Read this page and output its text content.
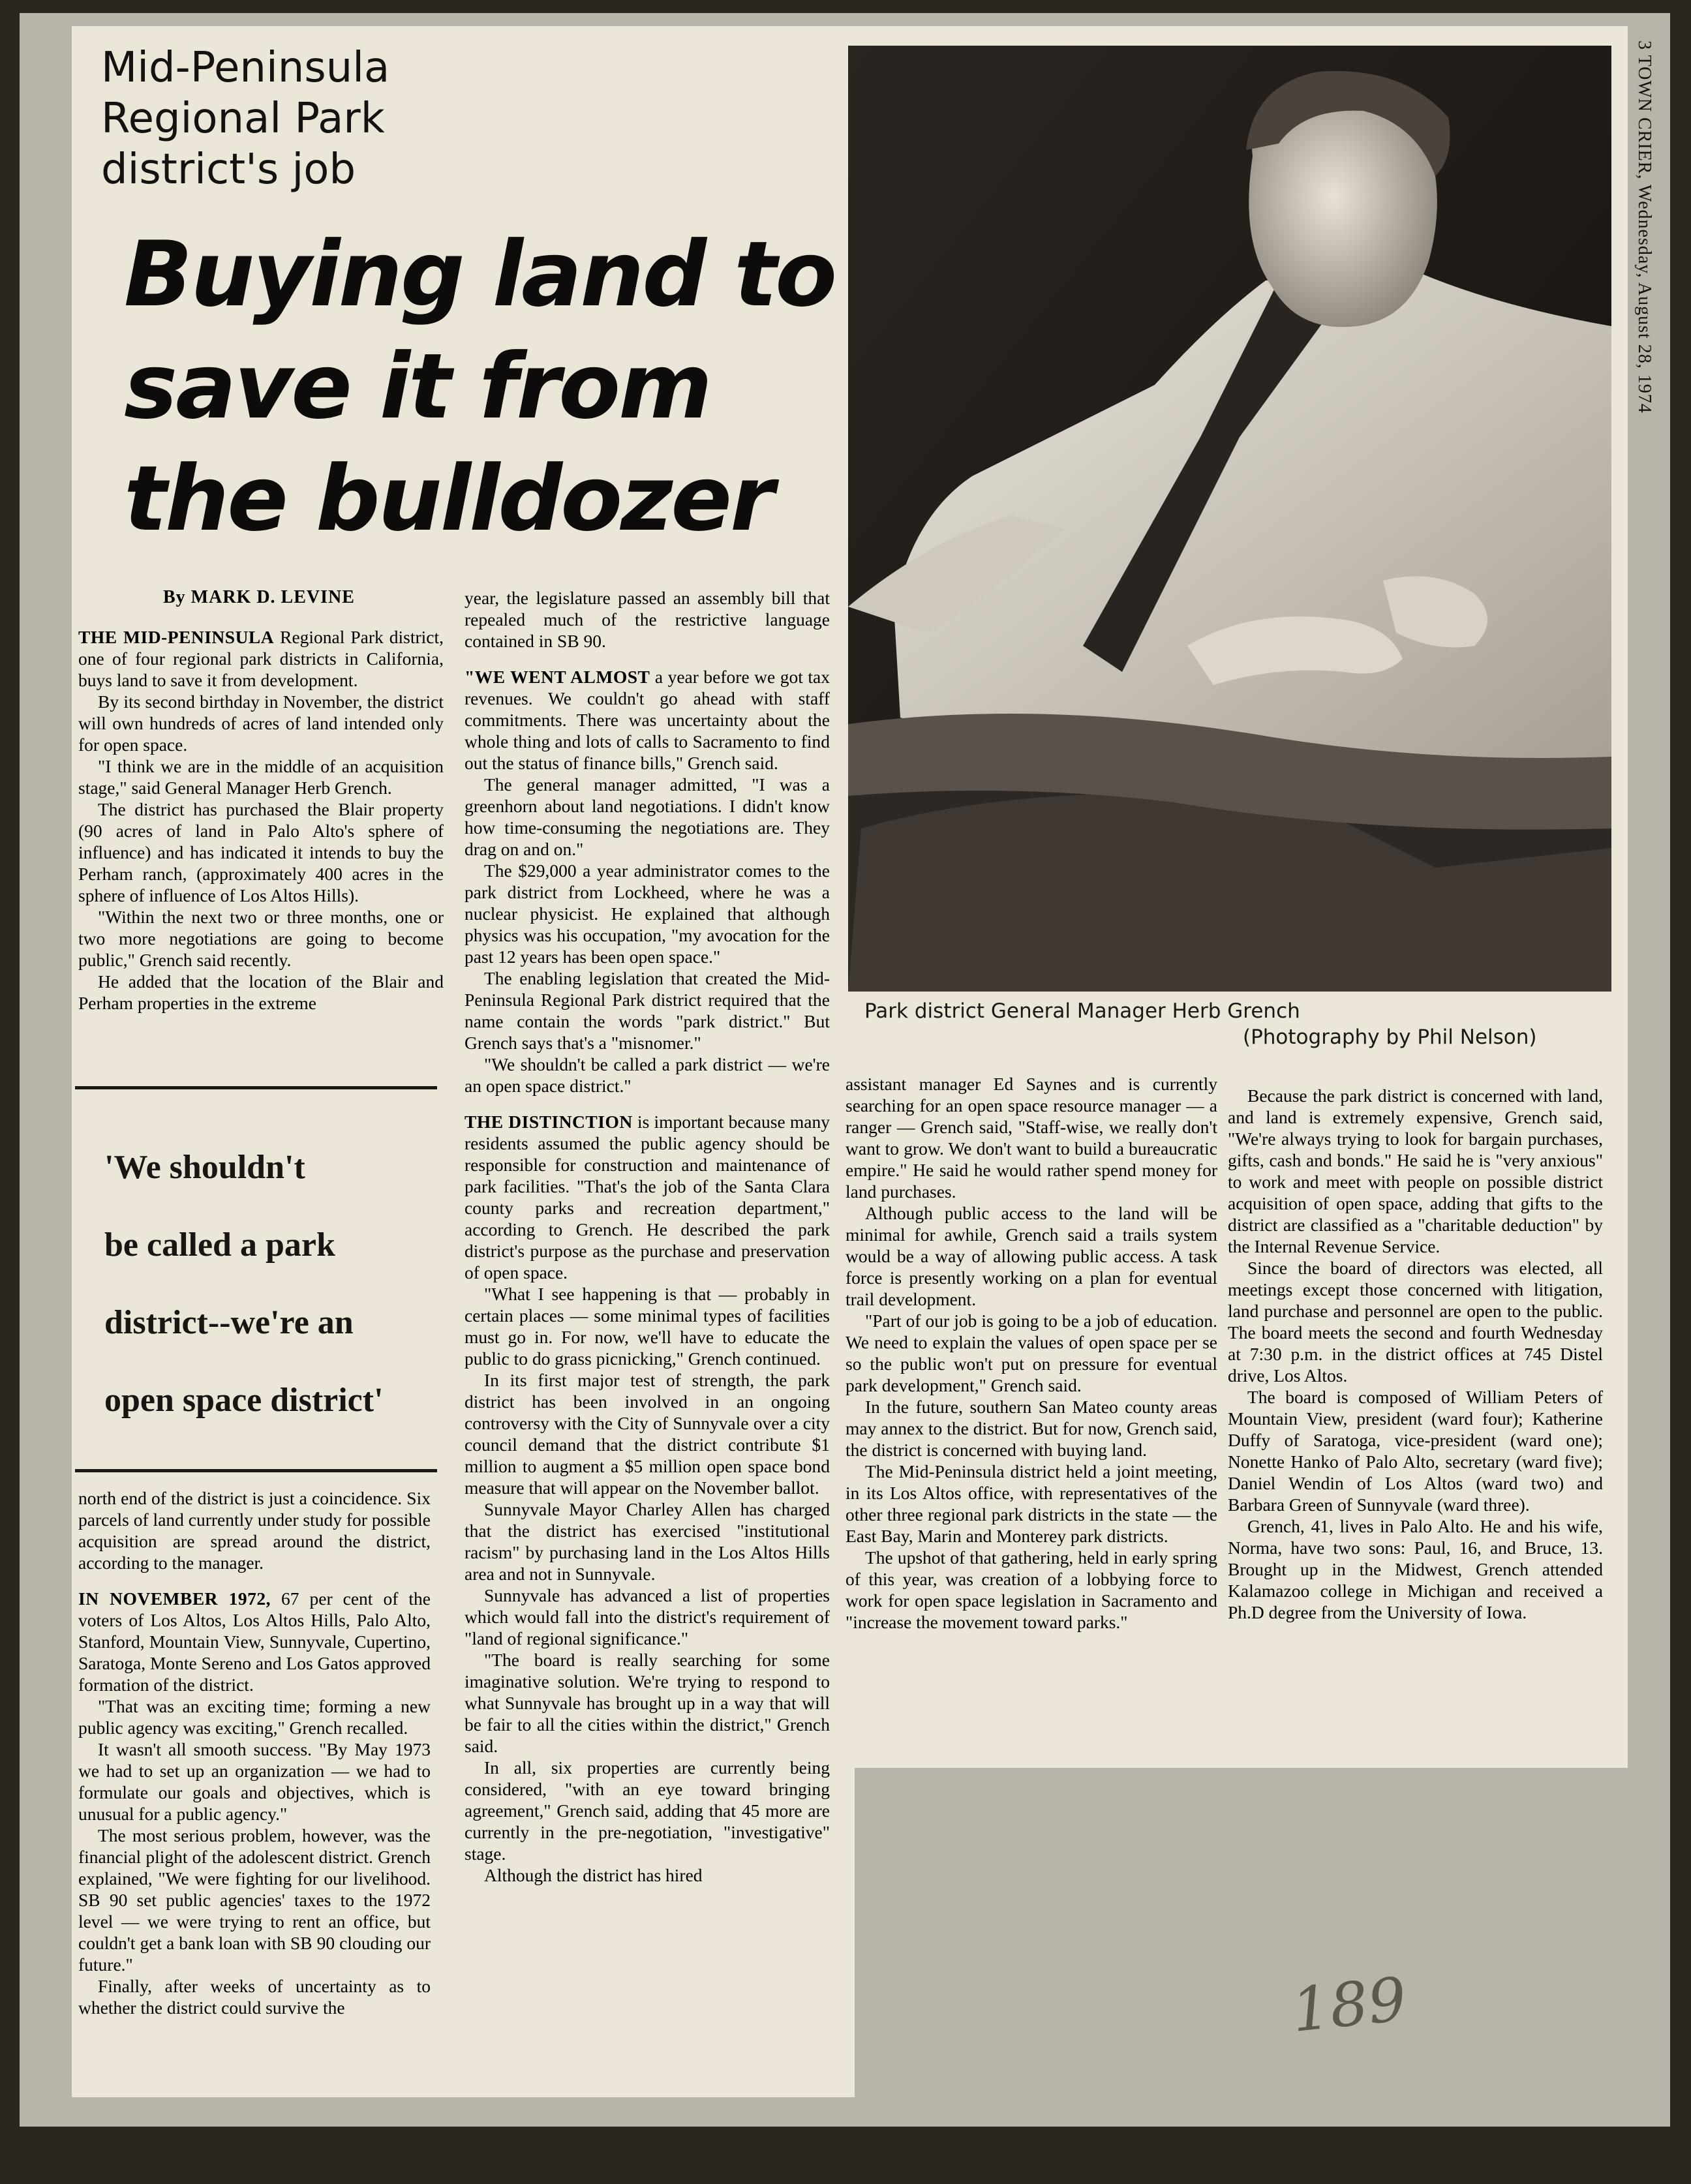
Mid-Peninsula
Regional Park
district's job
Buying land to
save it from
the bulldozer
Park district General Manager Herb Grench
(Photography by Phil Nelson)
3 TOWN CRIER, Wednesday, August 28, 1974
By MARK D. LEVINE

THE MID-PENINSULA Regional Park district, one of four regional park districts in California, buys land to save it from development.

By its second birthday in November, the district will own hundreds of acres of land intended only for open space.

"I think we are in the middle of an acquisition stage," said General Manager Herb Grench.

The district has purchased the Blair property (90 acres of land in Palo Alto's sphere of influence) and has indicated it intends to buy the Perham ranch, (approximately 400 acres in the sphere of influence of Los Altos Hills).

"Within the next two or three months, one or two more negotiations are going to become public," Grench said recently.

He added that the location of the Blair and Perham properties in the extreme

'We shouldn't
be called a park
district--we're an
open space district'

north end of the district is just a coincidence. Six parcels of land currently under study for possible acquisition are spread around the district, according to the manager.

IN NOVEMBER 1972, 67 per cent of the voters of Los Altos, Los Altos Hills, Palo Alto, Stanford, Mountain View, Sunnyvale, Cupertino, Saratoga, Monte Sereno and Los Gatos approved formation of the district.

"That was an exciting time; forming a new public agency was exciting," Grench recalled.

It wasn't all smooth success. "By May 1973 we had to set up an organization — we had to formulate our goals and objectives, which is unusual for a public agency."

The most serious problem, however, was the financial plight of the adolescent district. Grench explained, "We were fighting for our livelihood. SB 90 set public agencies' taxes to the 1972 level — we were trying to rent an office, but couldn't get a bank loan with SB 90 clouding our future."

Finally, after weeks of uncertainty as to whether the district could survive the

year, the legislature passed an assembly bill that repealed much of the restrictive language contained in SB 90.

"WE WENT ALMOST a year before we got tax revenues. We couldn't go ahead with staff commitments. There was uncertainty about the whole thing and lots of calls to Sacramento to find out the status of finance bills," Grench said.

The general manager admitted, "I was a greenhorn about land negotiations. I didn't know how time-consuming the negotiations are. They drag on and on."

The $29,000 a year administrator comes to the park district from Lockheed, where he was a nuclear physicist. He explained that although physics was his occupation, "my avocation for the past 12 years has been open space."

The enabling legislation that created the Mid-Peninsula Regional Park district required that the name contain the words "park district." But Grench says that's a "misnomer."

"We shouldn't be called a park district — we're an open space district."

THE DISTINCTION is important because many residents assumed the public agency should be responsible for construction and maintenance of park facilities. "That's the job of the Santa Clara county parks and recreation department," according to Grench. He described the park district's purpose as the purchase and preservation of open space.

"What I see happening is that — probably in certain places — some minimal types of facilities must go in. For now, we'll have to educate the public to do grass picnicking," Grench continued.

In its first major test of strength, the park district has been involved in an ongoing controversy with the City of Sunnyvale over a city council demand that the district contribute $1 million to augment a $5 million open space bond measure that will appear on the November ballot.

Sunnyvale Mayor Charley Allen has charged that the district has exercised "institutional racism" by purchasing land in the Los Altos Hills area and not in Sunnyvale.

Sunnyvale has advanced a list of properties which would fall into the district's requirement of "land of regional significance."

"The board is really searching for some imaginative solution. We're trying to respond to what Sunnyvale has brought up in a way that will be fair to all the cities within the district," Grench said.

In all, six properties are currently being considered, "with an eye toward bringing agreement," Grench said, adding that 45 more are currently in the pre-negotiation, "investigative" stage.

Although the district has hired

assistant manager Ed Saynes and is currently searching for an open space resource manager — a ranger — Grench said, "Staff-wise, we really don't want to grow. We don't want to build a bureaucratic empire." He said he would rather spend money for land purchases.

Although public access to the land will be minimal for awhile, Grench said a trails system would be a way of allowing public access. A task force is presently working on a plan for eventual trail development.

"Part of our job is going to be a job of education. We need to explain the values of open space per se so the public won't put on pressure for eventual park development," Grench said.

In the future, southern San Mateo county areas may annex to the district. But for now, Grench said, the district is concerned with buying land.

The Mid-Peninsula district held a joint meeting, in its Los Altos office, with representatives of the other three regional park districts in the state — the East Bay, Marin and Monterey park districts.

The upshot of that gathering, held in early spring of this year, was creation of a lobbying force to work for open space legislation in Sacramento and "increase the movement toward parks."

Because the park district is concerned with land, and land is extremely expensive, Grench said, "We're always trying to look for bargain purchases, gifts, cash and bonds." He said he is "very anxious" to work and meet with people on possible district acquisition of open space, adding that gifts to the district are classified as a "charitable deduction" by the Internal Revenue Service.

Since the board of directors was elected, all meetings except those concerned with litigation, land purchase and personnel are open to the public. The board meets the second and fourth Wednesday at 7:30 p.m. in the district offices at 745 Distel drive, Los Altos.

The board is composed of William Peters of Mountain View, president (ward four); Katherine Duffy of Saratoga, vice-president (ward one); Nonette Hanko of Palo Alto, secretary (ward five); Daniel Wendin of Los Altos (ward two) and Barbara Green of Sunnyvale (ward three).

Grench, 41, lives in Palo Alto. He and his wife, Norma, have two sons: Paul, 16, and Bruce, 13. Brought up in the Midwest, Grench attended Kalamazoo college in Michigan and received a Ph.D degree from the University of Iowa.

189
